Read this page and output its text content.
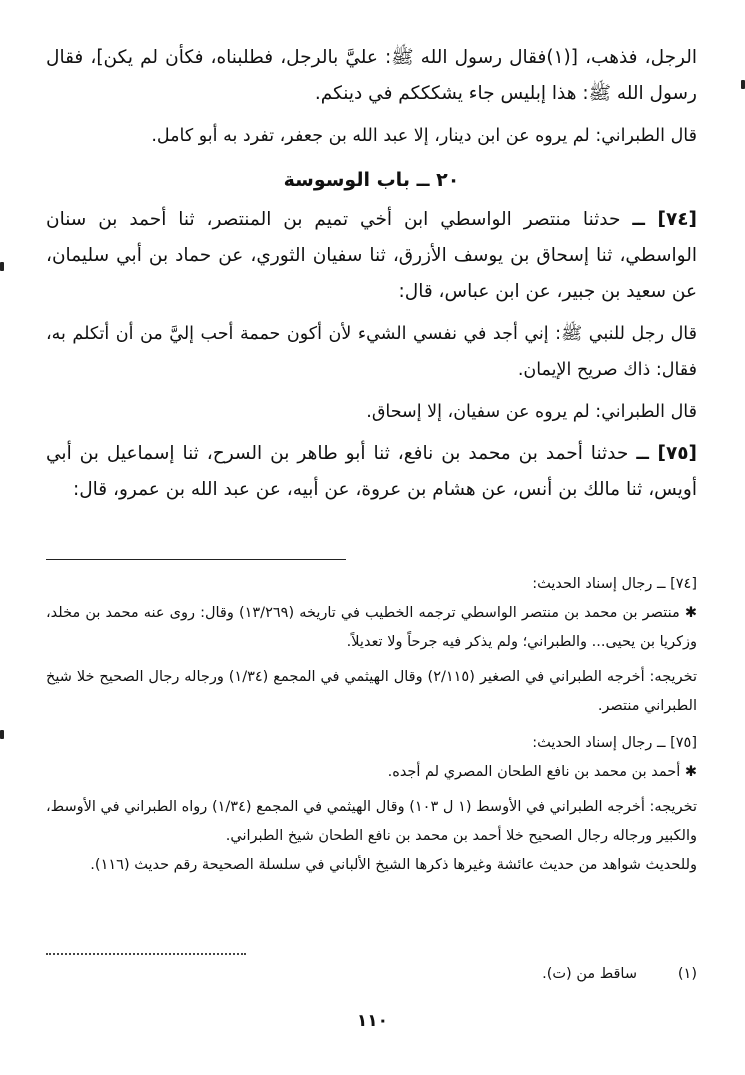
الرجل، فذهب، [(١)فقال رسول الله ﷺ: عليَّ بالرجل، فطلبناه، فكأن لم يكن]، فقال رسول الله ﷺ: هذا إبليس جاء يشكككم في دينكم.

قال الطبراني: لم يروه عن ابن دينار، إلا عبد الله بن جعفر، تفرد به أبو كامل.

٢٠ ــ باب الوسوسة

[٧٤] ــ حدثنا منتصر الواسطي ابن أخي تميم بن المنتصر، ثنا أحمد بن سنان الواسطي، ثنا إسحاق بن يوسف الأزرق، ثنا سفيان الثوري، عن حماد بن أبي سليمان، عن سعيد بن جبير، عن ابن عباس، قال:

قال رجل للنبي ﷺ: إني أجد في نفسي الشيء لأن أكون حممة أحب إليَّ من أن أتكلم به، فقال: ذاك صريح الإيمان.

قال الطبراني: لم يروه عن سفيان، إلا إسحاق.

[٧٥] ــ حدثنا أحمد بن محمد بن نافع، ثنا أبو طاهر بن السرح، ثنا إسماعيل بن أبي أويس، ثنا مالك بن أنس، عن هشام بن عروة، عن أبيه، عن عبد الله بن عمرو، قال:

[٧٤] ــ رجال إسناد الحديث:

✱ منتصر بن محمد بن منتصر الواسطي ترجمه الخطيب في تاريخه (١٣/٢٦٩) وقال: روى عنه محمد بن مخلد، وزكريا بن يحيى... والطبراني؛ ولم يذكر فيه جرحاً ولا تعديلاً.

تخريجه: أخرجه الطبراني في الصغير (٢/١١٥) وقال الهيثمي في المجمع (١/٣٤) ورجاله رجال الصحيح خلا شيخ الطبراني منتصر.

[٧٥] ــ رجال إسناد الحديث:

✱ أحمد بن محمد بن نافع الطحان المصري لم أجده.

تخريجه: أخرجه الطبراني في الأوسط (١ ل ١٠٣) وقال الهيثمي في المجمع (١/٣٤) رواه الطبراني في الأوسط، والكبير ورجاله رجال الصحيح خلا أحمد بن محمد بن نافع الطحان شيخ الطبراني.

وللحديث شواهد من حديث عائشة وغيرها ذكرها الشيخ الألباني في سلسلة الصحيحة رقم حديث (١١٦).

(١)ساقط من (ت).

١١٠
